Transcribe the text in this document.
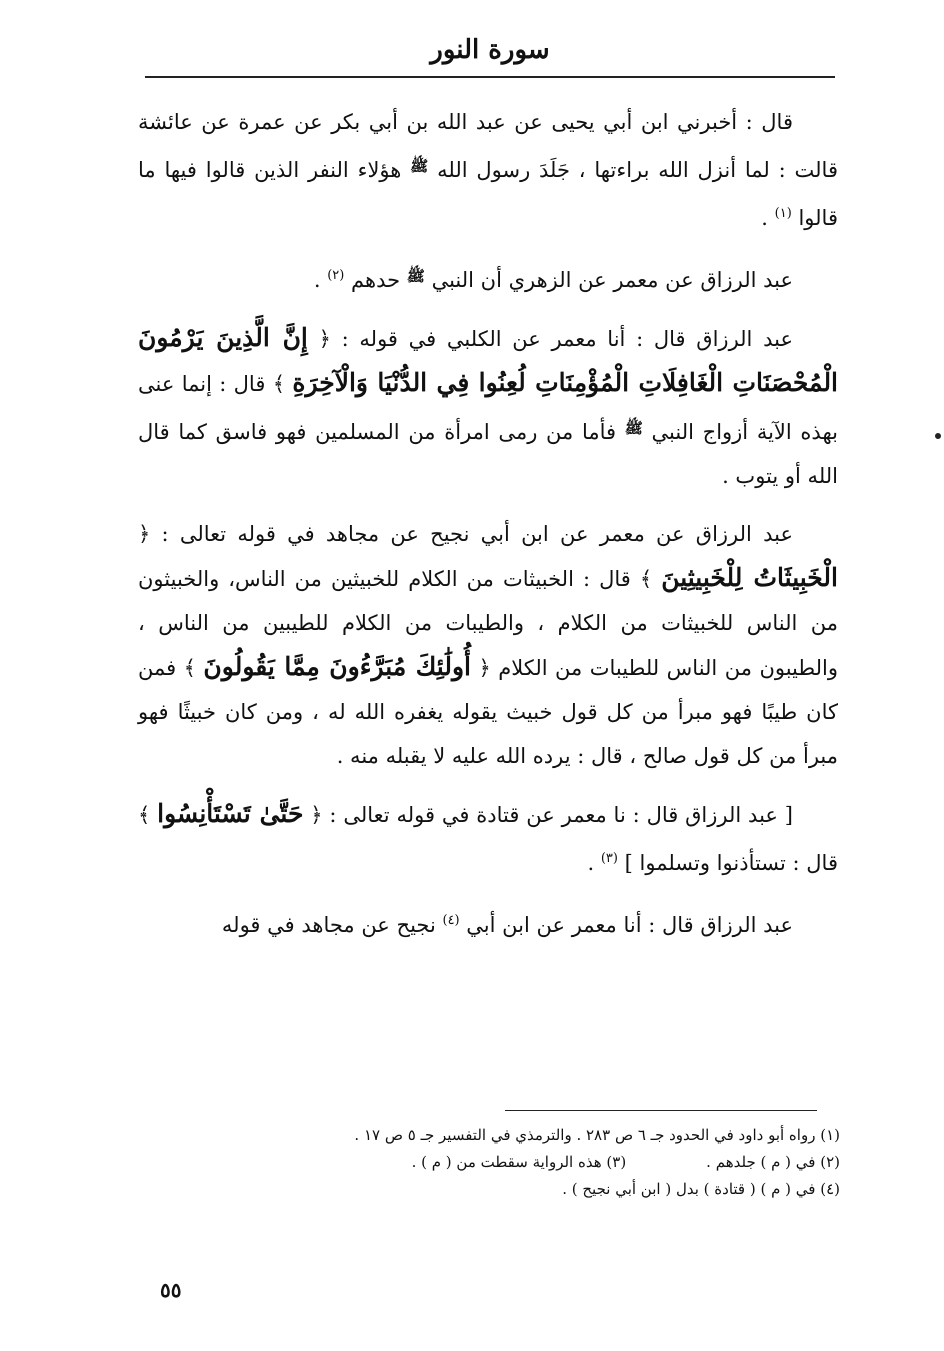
سورة النور

قال : أخبرني ابن أبي يحيى عن عبد الله بن أبي بكر عن عمرة عن عائشة قالت : لما أنزل الله براءتها ، جَلَدَ رسول الله $^ﷺ$ هؤلاء النفر الذين قالوا فيها ما قالوا $^{(١)}$ .

عبد الرزاق عن معمر عن الزهري أن النبي $^ﷺ$ حدهم $^{(٢)}$ .

عبد الرزاق قال : أنا معمر عن الكلبي في قوله : ﴿ إِنَّ الَّذِينَ يَرْمُونَ الْمُحْصَنَاتِ الْغَافِلَاتِ الْمُؤْمِنَاتِ لُعِنُوا فِي الدُّنْيَا وَالْآخِرَةِ ﴾ قال : إنما عنى بهذه الآية أزواج النبي $^ﷺ$ فأما من رمى امرأة من المسلمين فهو فاسق كما قال الله أو يتوب .

عبد الرزاق عن معمر عن ابن أبي نجيح عن مجاهد في قوله تعالى : ﴿ الْخَبِيثَاتُ لِلْخَبِيثِينَ ﴾ قال : الخبيثات من الكلام للخبيثين من الناس، والخبيثون من الناس للخبيثات من الكلام ، والطيبات من الكلام للطيبين من الناس ، والطيبون من الناس للطيبات من الكلام ﴿ أُولَٰئِكَ مُبَرَّءُونَ مِمَّا يَقُولُونَ ﴾ فمن كان طيبًا فهو مبرأ من كل قول خبيث يقوله يغفره الله له ، ومن كان خبيثًا فهو مبرأ من كل قول صالح ، قال : يرده الله عليه لا يقبله منه .

[ عبد الرزاق قال : نا معمر عن قتادة في قوله تعالى : ﴿ حَتَّىٰ تَسْتَأْنِسُوا ﴾ قال : تستأذنوا وتسلموا ] $^{(٣)}$ .

عبد الرزاق قال : أنا معمر عن ابن أبي $^{(٤)}$ نجيح عن مجاهد في قوله

(١) رواه أبو داود في الحدود جـ ٦ ص ٢٨٣ . والترمذي في التفسير جـ ٥ ص ١٧ .
(٢) في ( م ) جلدهم .
(٣) هذه الرواية سقطت من ( م ) .
(٤) في ( م ) ( قتادة ) بدل ( ابن أبي نجيح ) .
٥٥
